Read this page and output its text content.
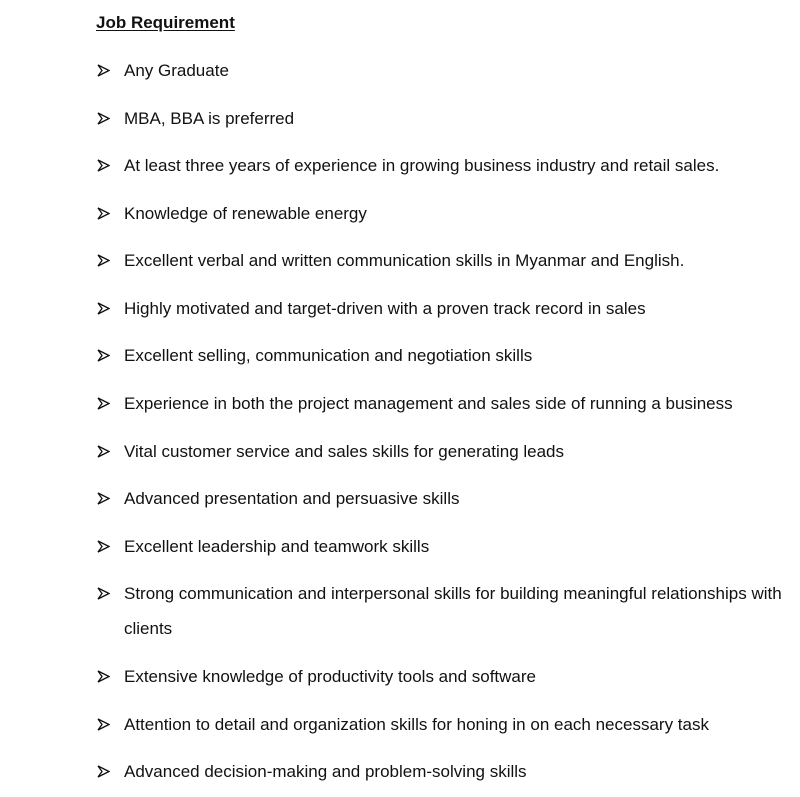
Job Requirement
Any Graduate
MBA, BBA is preferred
At least three years of experience in growing business industry and retail sales.
Knowledge of renewable energy
Excellent verbal and written communication skills in Myanmar and English.
Highly motivated and target-driven with a proven track record in sales
Excellent selling, communication and negotiation skills
Experience in both the project management and sales side of running a business
Vital customer service and sales skills for generating leads
Advanced presentation and persuasive skills
Excellent leadership and teamwork skills
Strong communication and interpersonal skills for building meaningful relationships with clients
Extensive knowledge of productivity tools and software
Attention to detail and organization skills for honing in on each necessary task
Advanced decision-making and problem-solving skills
